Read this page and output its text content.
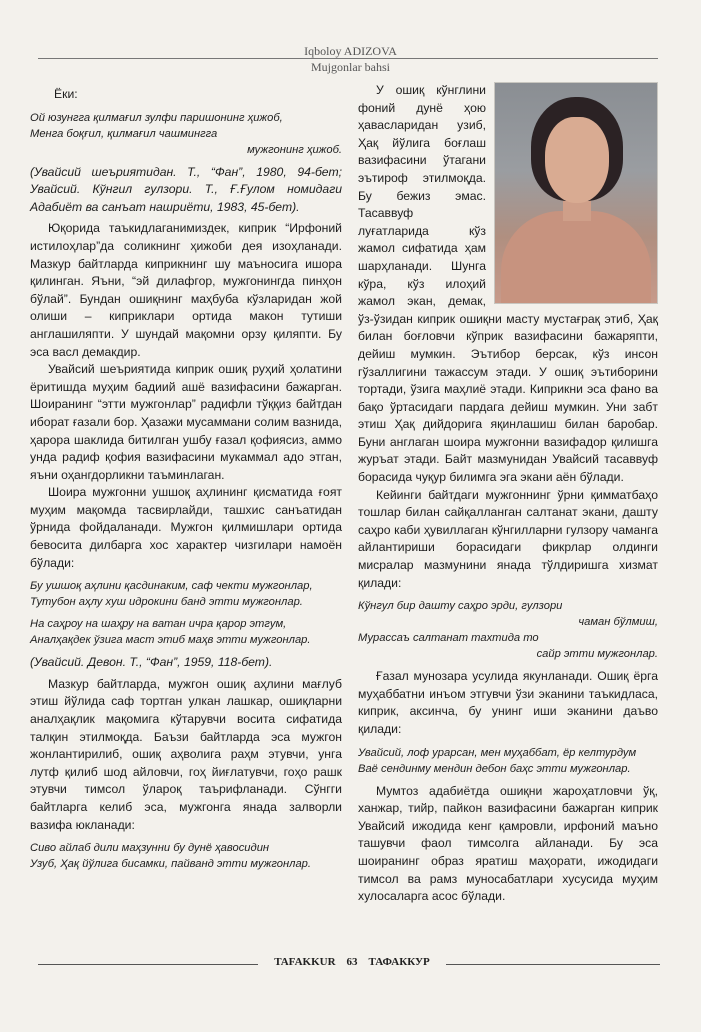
Iqboloy ADIZOVA
Mujgonlar bahsi
Ёки:
Ой юзунгга қилмағил зулфи паришонинг ҳижоб,
Менга боқғил, қилмағил чашмингга
мужгонинг ҳижоб.

(Увайсий шеъриятидан. Т., “Фан”, 1980, 94-бет; Увайсий. Кўнгил гулзори. Т., Ғ.Ғулом номидаги Адабиёт ва санъат нашриёти, 1983, 45-бет).

Юқорида таъкидлаганимиздек, киприк “Ирфоний истилоҳлар”да соликнинг ҳижоби дея изоҳланади. Мазкур байтларда киприкнинг шу маъносига ишора қилинган. Яъни, “эй дилафгор, мужгонингда пинҳон бўлай”. Бундан ошиқнинг маҳбуба кўзларидан жой олиши – киприклари ортида макон тутиши англашиляпти. У шундай мақомни орзу қиляпти. Бу эса васл демакдир.

Увайсий шеъриятида киприк ошиқ руҳий ҳолатини ёритишда муҳим бадиий ашё вазифасини бажарган. Шоиранинг “этти мужгонлар” радифли тўққиз байтдан иборат ғазали бор. Ҳазажи мусаммани солим вазнида, ҳарора шаклида битилган ушбу ғазал қофиясиз, аммо унда радиф қофия вазифасини мукаммал адо этган, яъни оҳангдорликни таъминлаган.

Шоира мужгонни ушшоқ аҳлининг қисматида ғоят муҳим мақомда тасвирлайди, ташхис санъатидан ўрнида фойдаланади. Мужгон қилмишлари ортида бевосита дилбарга хос характер чизгилари намоён бўлади:

Бу ушшоқ аҳлини қасдинаким, саф чекти мужгонлар,
Тутубон аҳлу хуш идрокини банд этти мужгонлар.
На саҳроу на шаҳру на ватан ичра қарор этгум,
Аналҳақдек ўзига маст этиб маҳв этти мужгонлар.

(Увайсий. Девон. Т., “Фан”, 1959, 118-бет).

Мазкур байтларда, мужгон ошиқ аҳлини мағлуб этиш йўлида саф тортган улкан лашкар, ошиқларни аналҳақлик мақомига кўтарувчи восита сифатида талқин этилмоқда. Баъзи байтларда эса мужгон жонлантирилиб, ошиқ аҳволига раҳм этувчи, унга лутф қилиб шод айловчи, гоҳ йиғлатувчи, гоҳо рашк этувчи тимсол ўлароқ таърифланади. Сўнгги байтларга келиб эса, мужгонга янада залворли вазифа юкланади:

Сиво айлаб дили маҳзунни бу дунё ҳавосидин
Узуб, Ҳақ йўлига бисамки, пайванд этти мужгонлар.

У ошиқ кўнглини фоний дунё ҳою ҳавасларидан узиб, Ҳақ йўлига боғлаш вазифасини ўтагани эътироф этилмоқда. Бу бежиз эмас. Тасаввуф луғатларида кўз жамол сифатида ҳам шарҳланади. Шунга кўра, кўз илоҳий жамол экан, демак, ўз-ўзидан киприк ошиқни масту мустағрақ этиб, Ҳақ билан боғловчи кўприк вазифасини бажаряпти, дейиш мумкин. Эътибор берсак, кўз инсон гўзаллигини тажассум этади. У ошиқ эътиборини тортади, ўзига маҳлиё этади. Киприкни эса фано ва бақо ўртасидаги пардага дейиш мумкин. Уни забт этиш Ҳақ дийдорига яқинлашиш билан баробар. Буни англаган шоира мужгонни вазифадор қилишга журъат этади. Байт мазмунидан Увайсий тасаввуф борасида чуқур билимга эга экани аён бўлади.

Кейинги байтдаги мужгоннинг ўрни қимматбаҳо тошлар билан сайқалланган салтанат экани, дашту саҳро каби ҳувиллаган кўнгилларни гулзору чаманга айлантириши борасидаги фикрлар олдинги мисралар мазмунини янада тўлдиришга хизмат қилади:

Кўнгул бир дашту саҳро эрди, гулзори
чаман бўлмиш,
Мурассаъ салтанат тахтида то
сайр этти мужгонлар.

Ғазал мунозара усулида якунланади. Ошиқ ёрга муҳаббатни инъом этгувчи ўзи эканини таъкидласа, киприк, аксинча, бу унинг иши эканини даъво қилади:

Увайсий, лоф урарсан, мен муҳаббат, ёр келтурдум
Ваё сендинму мендин дебон баҳс этти мужгонлар.

Мумтоз адабиётда ошиқни жароҳатловчи ўқ, ханжар, тийр, пайкон вазифасини бажарган киприк Увайсий ижодида кенг қамровли, ирфоний маъно ташувчи фаол тимсолга айланади. Бу эса шоиранинг образ яратиш маҳорати, ижодидаги тимсол ва рамз муносабатлари хусусида муҳим хулосаларга асос бўлади.

TAFAKKUR 63 ТАФАККУР
